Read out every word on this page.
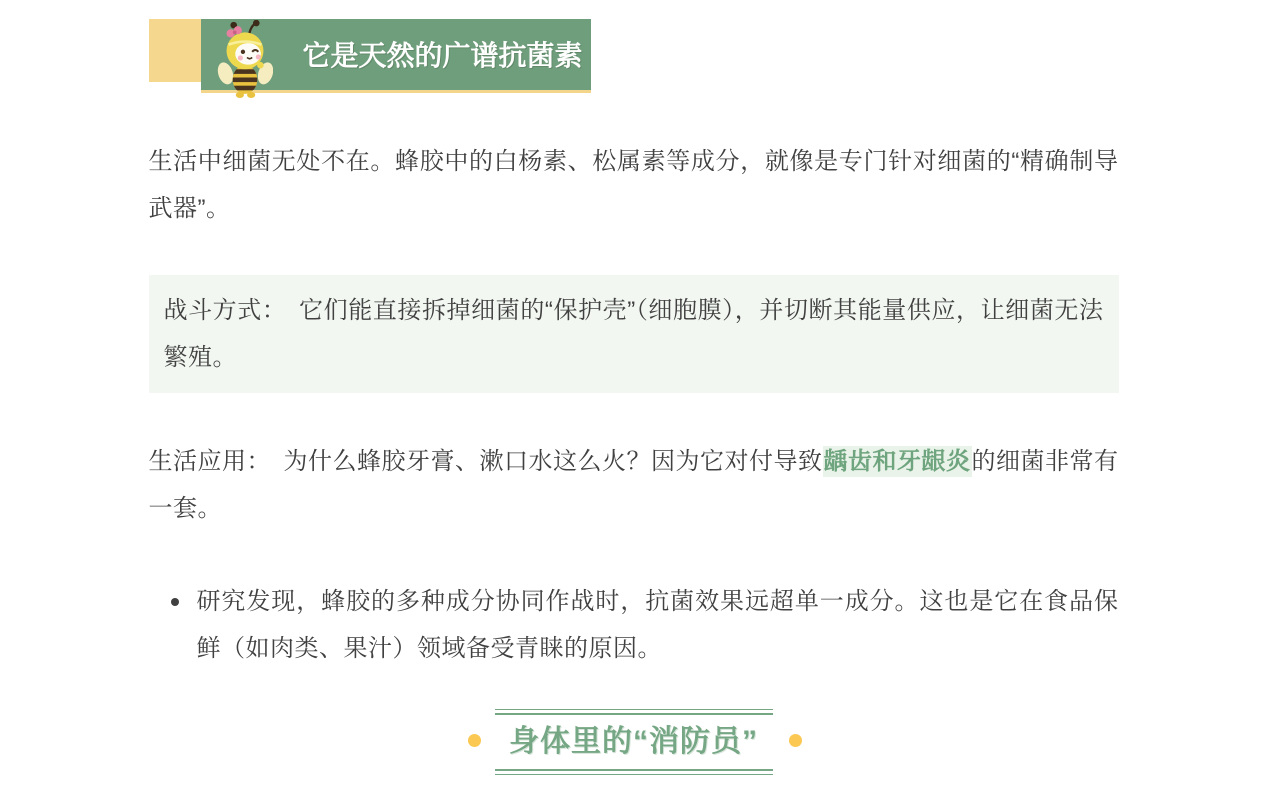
它是天然的广谱抗菌素

生活中细菌无处不在。蜂胶中的白杨素、松属素等成分，就像是专门针对细菌的“精确制导武器”。

战斗方式：　它们能直接拆掉细菌的“保护壳”（细胞膜），并切断其能量供应，让细菌无法繁殖。

生活应用：　为什么蜂胶牙膏、漱口水这么火？因为它对付导致龋齿和牙龈炎的细菌非常有一套。

研究发现，蜂胶的多种成分协同作战时，抗菌效果远超单一成分。这也是它在食品保鲜（如肉类、果汁）领域备受青睐的原因。

身体里的“消防员”
